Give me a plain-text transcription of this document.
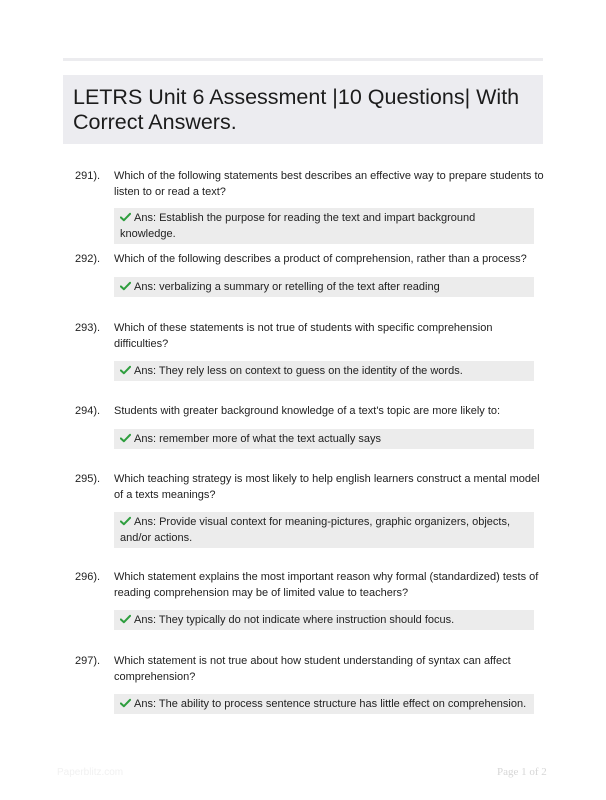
LETRS Unit 6 Assessment |10 Questions| With Correct Answers.
291). Which of the following statements best describes an effective way to prepare students to listen to or read a text?
Ans: Establish the purpose for reading the text and impart background knowledge.
292). Which of the following describes a product of comprehension, rather than a process?
Ans: verbalizing a summary or retelling of the text after reading
293). Which of these statements is not true of students with specific comprehension difficulties?
Ans: They rely less on context to guess on the identity of the words.
294). Students with greater background knowledge of a text's topic are more likely to:
Ans: remember more of what the text actually says
295). Which teaching strategy is most likely to help english learners construct a mental model of a texts meanings?
Ans: Provide visual context for meaning-pictures, graphic organizers, objects, and/or actions.
296). Which statement explains the most important reason why formal (standardized) tests of reading comprehension may be of limited value to teachers?
Ans: They typically do not indicate where instruction should focus.
297). Which statement is not true about how student understanding of syntax can affect comprehension?
Ans: The ability to process sentence structure has little effect on comprehension.
Paperblitz.com	Page 1 of 2
